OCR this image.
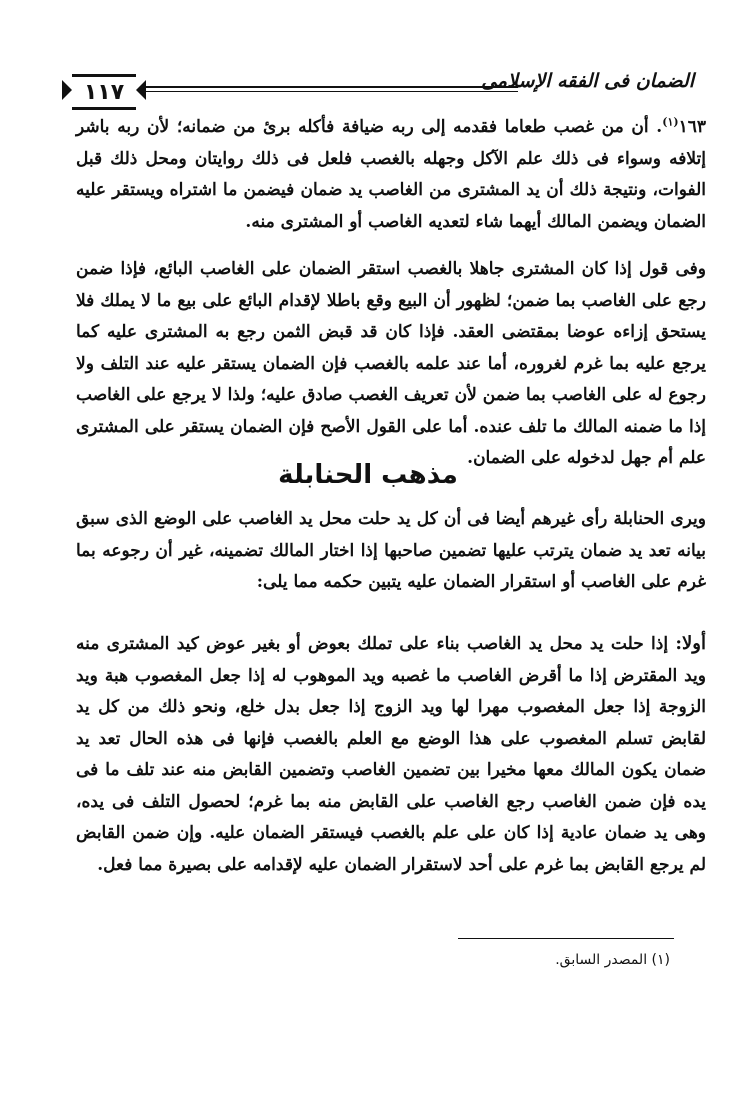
١١٧	الضمان فى الفقه الإسلامى

١٦٣$^{(١)}$. أن من غصب طعاما فقدمه إلى ربه ضيافة فأكله برئ من ضمانه؛ لأن ربه باشر إتلافه وسواء فى ذلك علم الآكل وجهله بالغصب فلعل فى ذلك روايتان ومحل ذلك قبل الفوات، ونتيجة ذلك أن يد المشترى من الغاصب يد ضمان فيضمن ما اشتراه ويستقر عليه الضمان ويضمن المالك أيهما شاء لتعديه الغاصب أو المشترى منه.

وفى قول إذا كان المشترى جاهلا بالغصب استقر الضمان على الغاصب البائع، فإذا ضمن رجع على الغاصب بما ضمن؛ لظهور أن البيع وقع باطلا لإقدام البائع على بيع ما لا يملك فلا يستحق إزاءه عوضا بمقتضى العقد. فإذا كان قد قبض الثمن رجع به المشترى عليه كما يرجع عليه بما غرم لغروره، أما عند علمه بالغصب فإن الضمان يستقر عليه عند التلف ولا رجوع له على الغاصب بما ضمن لأن تعريف الغصب صادق عليه؛ ولذا لا يرجع على الغاصب إذا ما ضمنه المالك ما تلف عنده. أما على القول الأصح فإن الضمان يستقر على المشترى علم أم جهل لدخوله على الضمان.

مذهب الحنابلة

ويرى الحنابلة رأى غيرهم أيضا فى أن كل يد حلت محل يد الغاصب على الوضع الذى سبق بيانه تعد يد ضمان يترتب عليها تضمين صاحبها إذا اختار المالك تضمينه، غير أن رجوعه بما غرم على الغاصب أو استقرار الضمان عليه يتبين حكمه مما يلى:

أولا: إذا حلت يد محل يد الغاصب بناء على تملك بعوض أو بغير عوض كيد المشترى منه ويد المقترض إذا ما أقرض الغاصب ما غصبه ويد الموهوب له إذا جعل المغصوب هبة ويد الزوجة إذا جعل المغصوب مهرا لها ويد الزوج إذا جعل بدل خلع، ونحو ذلك من كل يد لقابض تسلم المغصوب على هذا الوضع مع العلم بالغصب فإنها فى هذه الحال تعد يد ضمان يكون المالك معها مخيرا بين تضمين الغاصب وتضمين القابض منه عند تلف ما فى يده فإن ضمن الغاصب رجع الغاصب على القابض منه بما غرم؛ لحصول التلف فى يده، وهى يد ضمان عادية إذا كان على علم بالغصب فيستقر الضمان عليه. وإن ضمن القابض لم يرجع القابض بما غرم على أحد لاستقرار الضمان عليه لإقدامه على بصيرة مما فعل.

(١) المصدر السابق.
